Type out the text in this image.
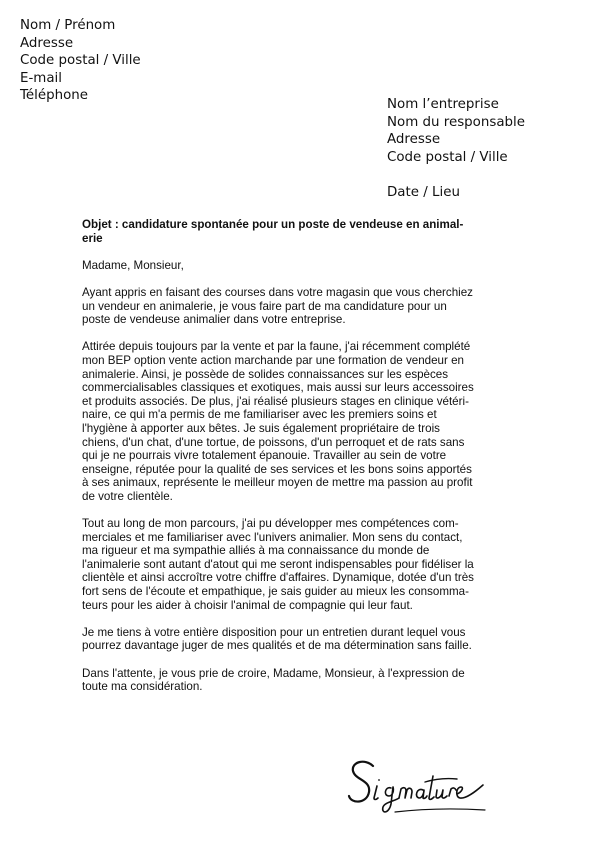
Nom / Prénom
Adresse
Code postal / Ville
E-mail
Téléphone
Nom l’entreprise
Nom du responsable
Adresse
Code postal / Ville
Date / Lieu
Objet : candidature spontanée pour un poste de vendeuse en animal-
erie
Madame, Monsieur,
Ayant appris en faisant des courses dans votre magasin que vous cherchiez
un vendeur en animalerie, je vous faire part de ma candidature pour un
poste de vendeuse animalier dans votre entreprise.
Attirée depuis toujours par la vente et par la faune, j'ai récemment complété
mon BEP option vente action marchande par une formation de vendeur en
animalerie. Ainsi, je possède de solides connaissances sur les espèces
commercialisables classiques et exotiques, mais aussi sur leurs accessoires
et produits associés. De plus, j'ai réalisé plusieurs stages en clinique vétéri-
naire, ce qui m'a permis de me familiariser avec les premiers soins et
l'hygiène à apporter aux bêtes. Je suis également propriétaire de trois
chiens, d'un chat, d'une tortue, de poissons, d'un perroquet et de rats sans
qui je ne pourrais vivre totalement épanouie. Travailler au sein de votre
enseigne, réputée pour la qualité de ses services et les bons soins apportés
à ses animaux, représente le meilleur moyen de mettre ma passion au profit
de votre clientèle.
Tout au long de mon parcours, j'ai pu développer mes compétences com-
merciales et me familiariser avec l'univers animalier. Mon sens du contact,
ma rigueur et ma sympathie alliés à ma connaissance du monde de
l'animalerie sont autant d'atout qui me seront indispensables pour fidéliser la
clientèle et ainsi accroître votre chiffre d'affaires. Dynamique, dotée d'un très
fort sens de l'écoute et empathique, je sais guider au mieux les consomma-
teurs pour les aider à choisir l'animal de compagnie qui leur faut.
Je me tiens à votre entière disposition pour un entretien durant lequel vous
pourrez davantage juger de mes qualités et de ma détermination sans faille.
Dans l'attente, je vous prie de croire, Madame, Monsieur, à l'expression de
toute ma considération.
